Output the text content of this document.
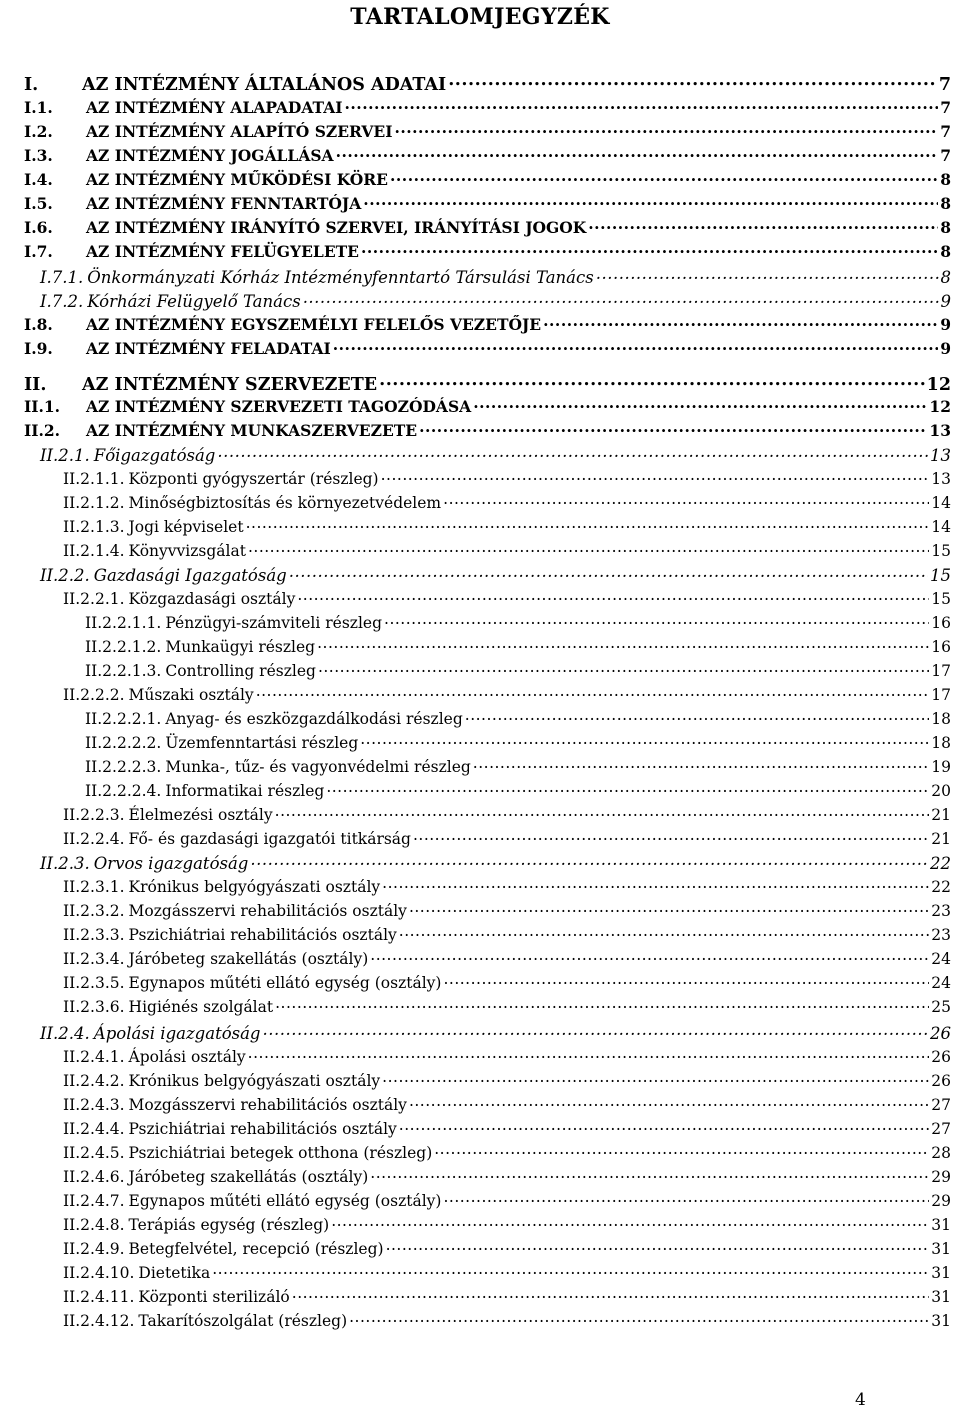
TARTALOMJEGYZÉK
I.	AZ INTÉZMÉNY ÁLTALÁNOS ADATAI .....	7
I.1.	AZ INTÉZMÉNY ALAPADATAI .....	7
I.2.	AZ INTÉZMÉNY ALAPÍTÓ SZERVEI .....	7
I.3.	AZ INTÉZMÉNY JOGÁLLÁSA .....	7
I.4.	AZ INTÉZMÉNY MŰKÖDÉSI KÖRE .....	8
I.5.	AZ INTÉZMÉNY FENNTARTÓJA .....	8
I.6.	AZ INTÉZMÉNY IRÁNYÍTÓ SZERVEI, IRÁNYÍTÁSI JOGOK .....	8
I.7.	AZ INTÉZMÉNY FELÜGYELETE .....	8
I.7.1. Önkormányzati Kórház Intézményfenntartó Társulási Tanács .....	8
I.7.2. Kórházi Felügyelő Tanács .....	9
I.8.	AZ INTÉZMÉNY EGYSZEMÉLYI FELELŐS VEZETŐJE .....	9
I.9.	AZ INTÉZMÉNY FELADATAI .....	9
II.	AZ INTÉZMÉNY SZERVEZETE .....	12
II.1.	AZ INTÉZMÉNY SZERVEZETI TAGOZÓDÁSA .....	12
II.2.	AZ INTÉZMÉNY MUNKASZERVEZETE .....	13
II.2.1. Főigazgatóság .....	13
II.2.1.1. Központi gyógyszertár (részleg) .....	13
II.2.1.2. Minőségbiztosítás és környezetvédelem .....	14
II.2.1.3. Jogi képviselet .....	14
II.2.1.4. Könyvvizsgálat .....	15
II.2.2. Gazdasági Igazgatóság .....	15
II.2.2.1. Közgazdasági osztály .....	15
II.2.2.1.1. Pénzügyi-számviteli részleg .....	16
II.2.2.1.2. Munkaügyi részleg .....	16
II.2.2.1.3. Controlling részleg .....	17
II.2.2.2. Műszaki osztály .....	17
II.2.2.2.1. Anyag- és eszközgazdálkodási részleg .....	18
II.2.2.2.2. Üzemfenntartási részleg .....	18
II.2.2.2.3. Munka-, tűz- és vagyonvédelmi részleg .....	19
II.2.2.2.4. Informatikai részleg .....	20
II.2.2.3. Élelmezési osztály .....	21
II.2.2.4. Fő- és gazdasági igazgatói titkárság .....	21
II.2.3. Orvos igazgatóság .....	22
II.2.3.1. Krónikus belgyógyászati osztály .....	22
II.2.3.2. Mozgásszervi rehabilitációs osztály .....	23
II.2.3.3. Pszichiátriai rehabilitációs osztály .....	23
II.2.3.4. Járóbeteg szakellátás (osztály) .....	24
II.2.3.5. Egynapos műtéti ellátó egység (osztály) .....	24
II.2.3.6. Higiénés szolgálat .....	25
II.2.4. Ápolási igazgatóság .....	26
II.2.4.1. Ápolási osztály .....	26
II.2.4.2. Krónikus belgyógyászati osztály .....	26
II.2.4.3. Mozgásszervi rehabilitációs osztály .....	27
II.2.4.4. Pszichiátriai rehabilitációs osztály .....	27
II.2.4.5. Pszichiátriai betegek otthona (részleg) .....	28
II.2.4.6. Járóbeteg szakellátás (osztály) .....	29
II.2.4.7. Egynapos műtéti ellátó egység (osztály) .....	29
II.2.4.8. Terápiás egység (részleg) .....	31
II.2.4.9. Betegfelvétel, recepció (részleg) .....	31
II.2.4.10. Dietetika .....	31
II.2.4.11. Központi sterilizáló .....	31
II.2.4.12. Takarítószolgálat (részleg) .....	31
4
